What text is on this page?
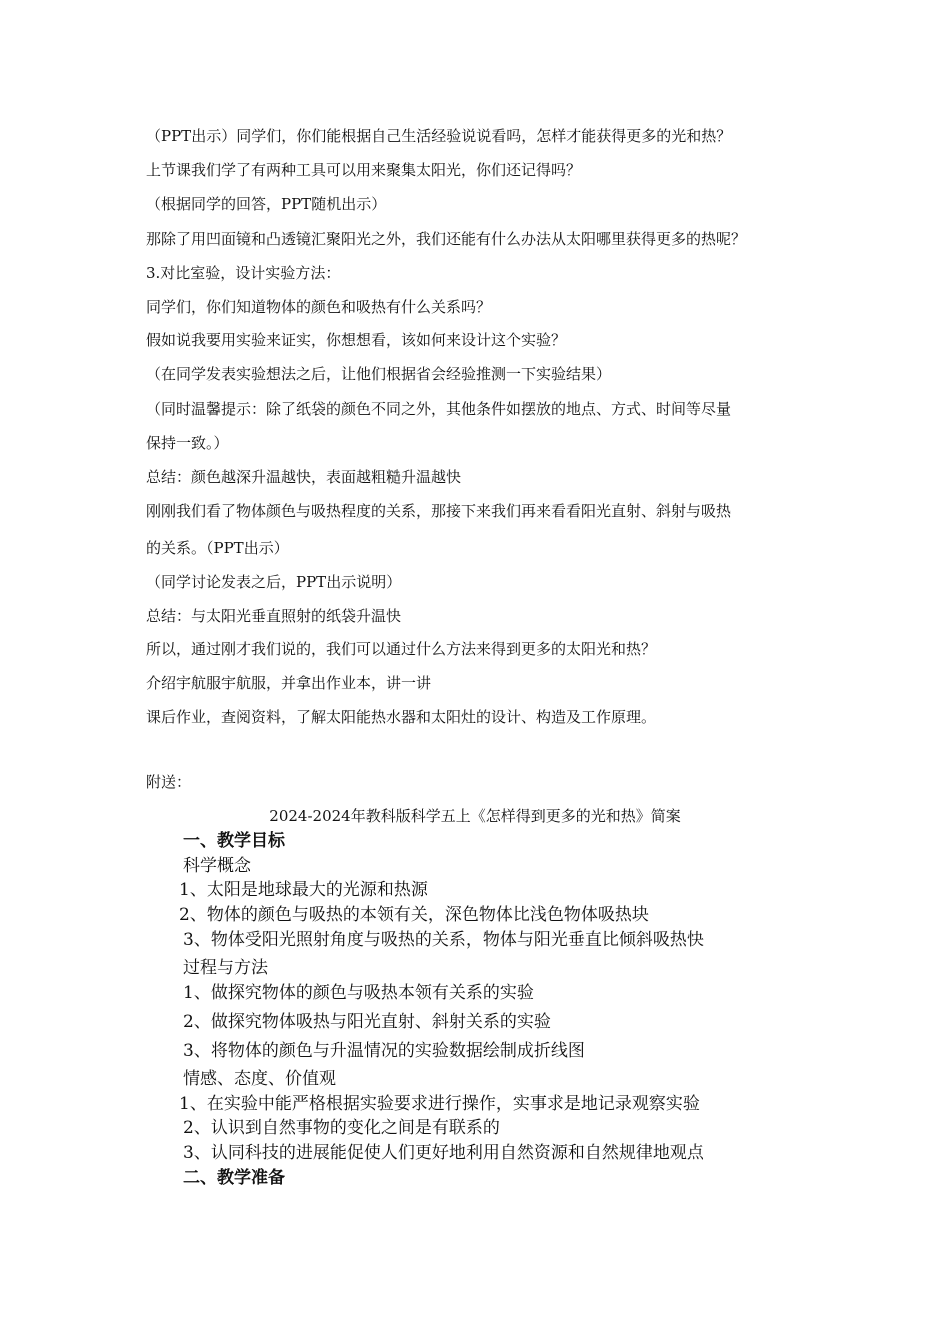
（PPT出示）同学们，你们能根据自己生活经验说说看吗，怎样才能获得更多的光和热？
上节课我们学了有两种工具可以用来聚集太阳光，你们还记得吗？
（根据同学的回答，PPT随机出示）
那除了用凹面镜和凸透镜汇聚阳光之外，我们还能有什么办法从太阳哪里获得更多的热呢？
3.对比室验，设计实验方法：
同学们，你们知道物体的颜色和吸热有什么关系吗？
假如说我要用实验来证实，你想想看，该如何来设计这个实验？
（在同学发表实验想法之后，让他们根据省会经验推测一下实验结果）
（同时温馨提示：除了纸袋的颜色不同之外，其他条件如摆放的地点、方式、时间等尽量
保持一致。）
总结：颜色越深升温越快，表面越粗糙升温越快
刚刚我们看了物体颜色与吸热程度的关系，那接下来我们再来看看阳光直射、斜射与吸热
的关系。（PPT出示）
（同学讨论发表之后，PPT出示说明）
总结：与太阳光垂直照射的纸袋升温快
所以，通过刚才我们说的，我们可以通过什么方法来得到更多的太阳光和热？
介绍宇航服宇航服，并拿出作业本，讲一讲
课后作业，查阅资料，了解太阳能热水器和太阳灶的设计、构造及工作原理。
附送：
2024-2024年教科版科学五上《怎样得到更多的光和热》简案
一、教学目标
科学概念
1、太阳是地球最大的光源和热源
2、物体的颜色与吸热的本领有关，深色物体比浅色物体吸热块
3、物体受阳光照射角度与吸热的关系，物体与阳光垂直比倾斜吸热快
过程与方法
1、做探究物体的颜色与吸热本领有关系的实验
2、做探究物体吸热与阳光直射、斜射关系的实验
3、将物体的颜色与升温情况的实验数据绘制成折线图
情感、态度、价值观
1、在实验中能严格根据实验要求进行操作，实事求是地记录观察实验
2、认识到自然事物的变化之间是有联系的
3、认同科技的进展能促使人们更好地利用自然资源和自然规律地观点
二、教学准备
